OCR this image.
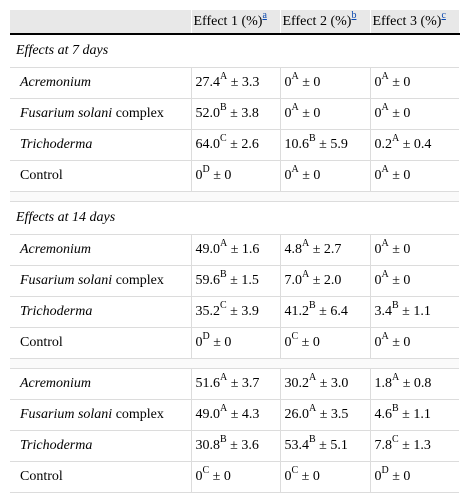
	Effect 1 (%)$^a$	Effect 2 (%)$^b$	Effect 3 (%)$^c$
Effects at 7 days			
Acremonium	$27.4^A \pm 3.3$	$0^A \pm 0$	$0^A \pm 0$
Fusarium solani complex	$52.0^B \pm 3.8$	$0^A \pm 0$	$0^A \pm 0$
Trichoderma	$64.0^C \pm 2.6$	$10.6^B \pm 5.9$	$0.2^A \pm 0.4$
Control	$0^D \pm 0$	$0^A \pm 0$	$0^A \pm 0$

Effects at 14 days			
Acremonium	$49.0^A \pm 1.6$	$4.8^A \pm 2.7$	$0^A \pm 0$
Fusarium solani complex	$59.6^B \pm 1.5$	$7.0^A \pm 2.0$	$0^A \pm 0$
Trichoderma	$35.2^C \pm 3.9$	$41.2^B \pm 6.4$	$3.4^B \pm 1.1$
Control	$0^D \pm 0$	$0^C \pm 0$	$0^A \pm 0$

Acremonium	$51.6^A \pm 3.7$	$30.2^A \pm 3.0$	$1.8^A \pm 0.8$
Fusarium solani complex	$49.0^A \pm 4.3$	$26.0^A \pm 3.5$	$4.6^B \pm 1.1$
Trichoderma	$30.8^B \pm 3.6$	$53.4^B \pm 5.1$	$7.8^C \pm 1.3$
Control	$0^C \pm 0$	$0^C \pm 0$	$0^D \pm 0$
